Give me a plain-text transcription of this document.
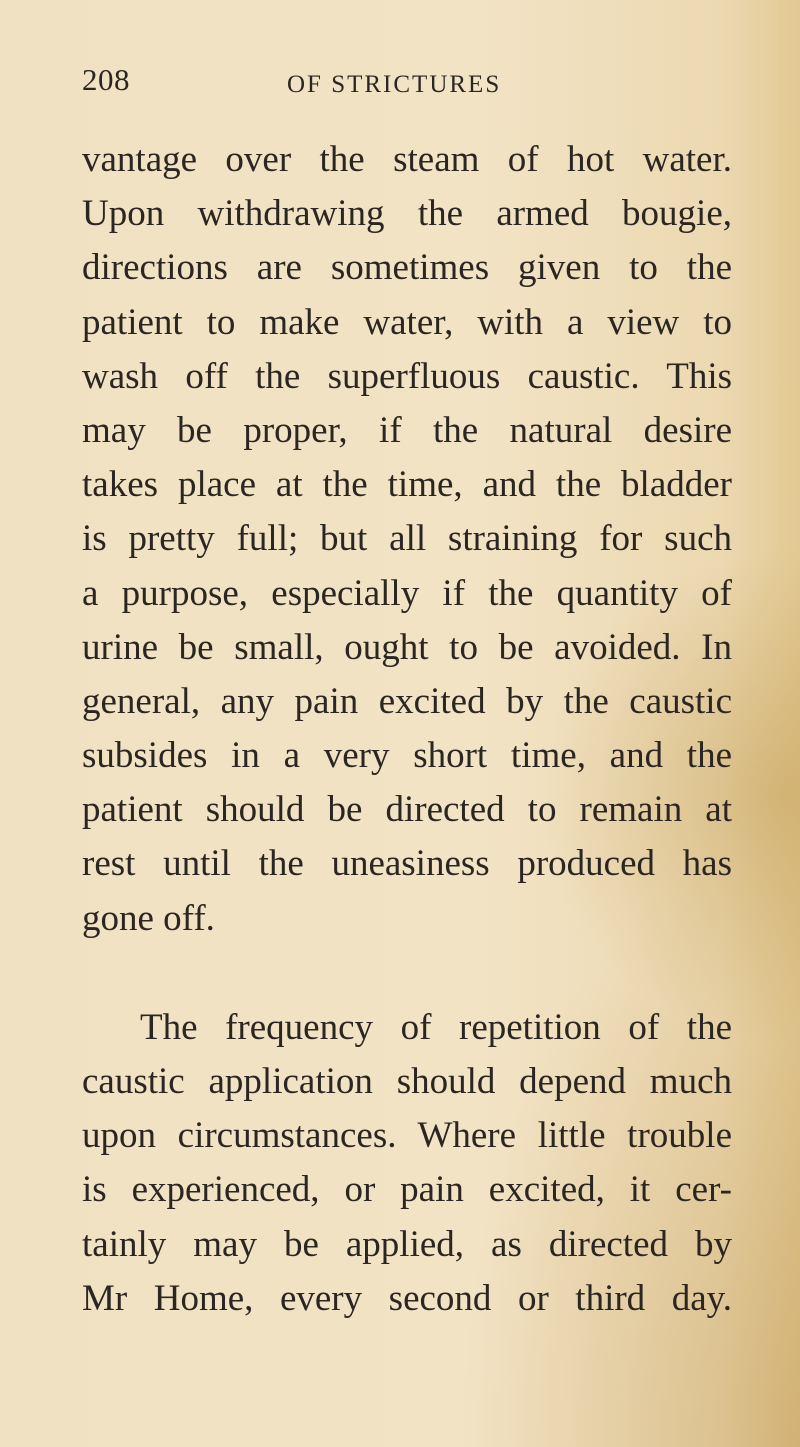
208	OF STRICTURES
vantage over the steam of hot water.
Upon withdrawing the armed bougie,
directions are sometimes given to the
patient to make water, with a view to
wash off the superfluous caustic. This
may be proper, if the natural desire
takes place at the time, and the bladder
is pretty full; but all straining for such
a purpose, especially if the quantity of
urine be small, ought to be avoided. In
general, any pain excited by the caustic
subsides in a very short time, and the
patient should be directed to remain at
rest until the uneasiness produced has
gone off.
The frequency of repetition of the
caustic application should depend much
upon circumstances. Where little trouble
is experienced, or pain excited, it cer-
tainly may be applied, as directed by
Mr Home, every second or third day.
